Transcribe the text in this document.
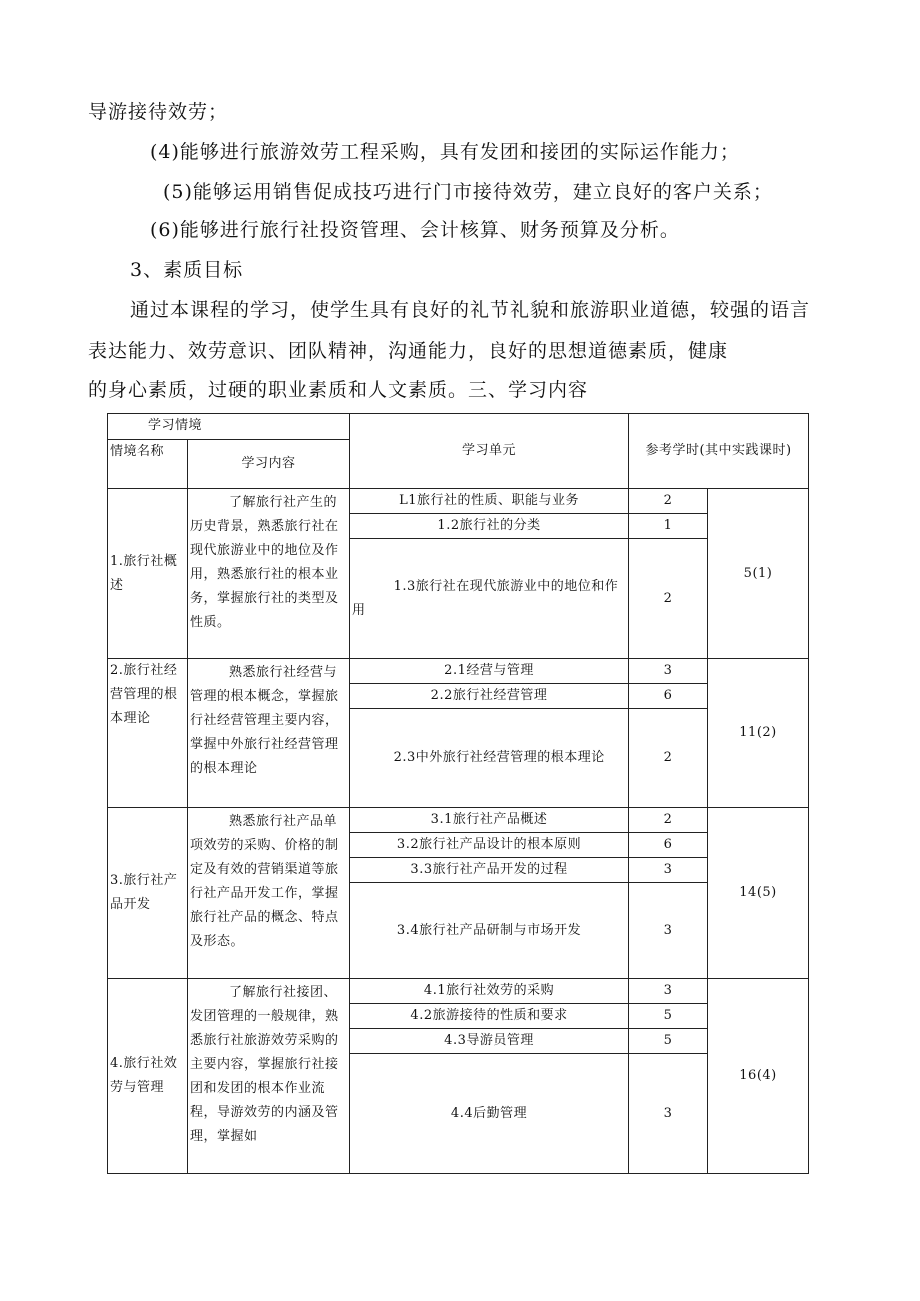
导游接待效劳；
(4)能够进行旅游效劳工程采购，具有发团和接团的实际运作能力；
(5)能够运用销售促成技巧进行门市接待效劳，建立良好的客户关系；
(6)能够进行旅行社投资管理、会计核算、财务预算及分析。
3、素质目标
通过本课程的学习，使学生具有良好的礼节礼貌和旅游职业道德，较强的语言
表达能力、效劳意识、团队精神，沟通能力，良好的思想道德素质，健康
的身心素质，过硬的职业素质和人文素质。三、学习内容
学习情境		学习单元	参考学时(其中实践课时)	
情境名称	学习内容			
1.旅行社概述	了解旅行社产生的历史背景，熟悉旅行社在现代旅游业中的地位及作用，熟悉旅行社的根本业务，掌握旅行社的类型及性质。	L1旅行社的性质、职能与业务	2	5(1)
		1.2旅行社的分类	1	

		1.3旅行社在现代旅游业中的地位和作用	2	
2.旅行社经营管理的根本理论	熟悉旅行社经营与管理的根本概念，掌握旅行社经营管理主要内容，掌握中外旅行社经营管理的根本理论	2.1经营与管理	3	11(2)
		2.2旅行社经营管理	6	

		2.3中外旅行社经营管理的根本理论	2	
3.旅行社产品开发	熟悉旅行社产品单项效劳的采购、价格的制定及有效的营销渠道等旅行社产品开发工作，掌握旅行社产品的概念、特点及形态。	3.1旅行社产品概述	2	14(5)
		3.2旅行社产品设计的根本原则	6	
		3.3旅行社产品开发的过程	3	
		3.4旅行社产品研制与市场开发	3	
4.旅行社效劳与管理	了解旅行社接团、发团管理的一般规律，熟悉旅行社旅游效劳采购的主要内容，掌握旅行社接团和发团的根本作业流程，导游效劳的内涵及管理，掌握如	4.1旅行社效劳的采购	3	16(4)
		4.2旅游接待的性质和要求	5	
		4.3导游员管理	5	
		4.4后勤管理	3	
